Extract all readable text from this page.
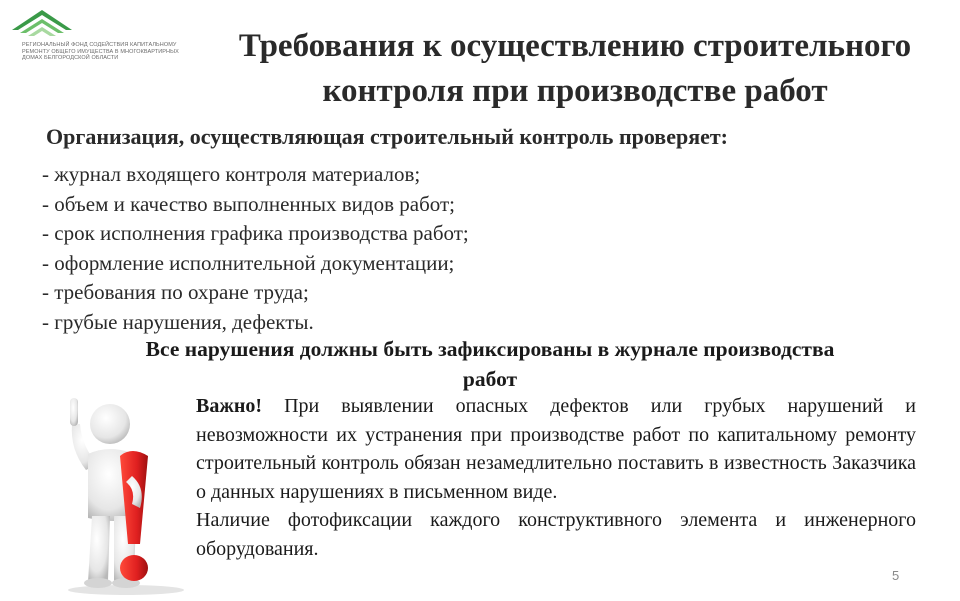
РЕГИОНАЛЬНЫЙ ФОНД СОДЕЙСТВИЯ КАПИТАЛЬНОМУ РЕМОНТУ ОБЩЕГО ИМУЩЕСТВА В МНОГОКВАРТИРНЫХ ДОМАХ БЕЛГОРОДСКОЙ ОБЛАСТИ	Требования к осуществлению строительного
контроля при производстве работ

Организация, осуществляющая строительный контроль проверяет:

- журнал входящего контроля материалов;
- объем и качество выполненных видов работ;
- срок исполнения графика производства работ;
- оформление исполнительной документации;
- требования по охране труда;
- грубые нарушения, дефекты.

Все нарушения должны быть зафиксированы в журнале производства
работ

Важно! При выявлении опасных дефектов или грубых нарушений и невозможности их устранения при производстве работ по капитальному ремонту строительный контроль обязан незамедлительно поставить в известность Заказчика о данных нарушениях в письменном виде.

Наличие фотофиксации каждого конструктивного элемента и инженерного оборудования.

5
